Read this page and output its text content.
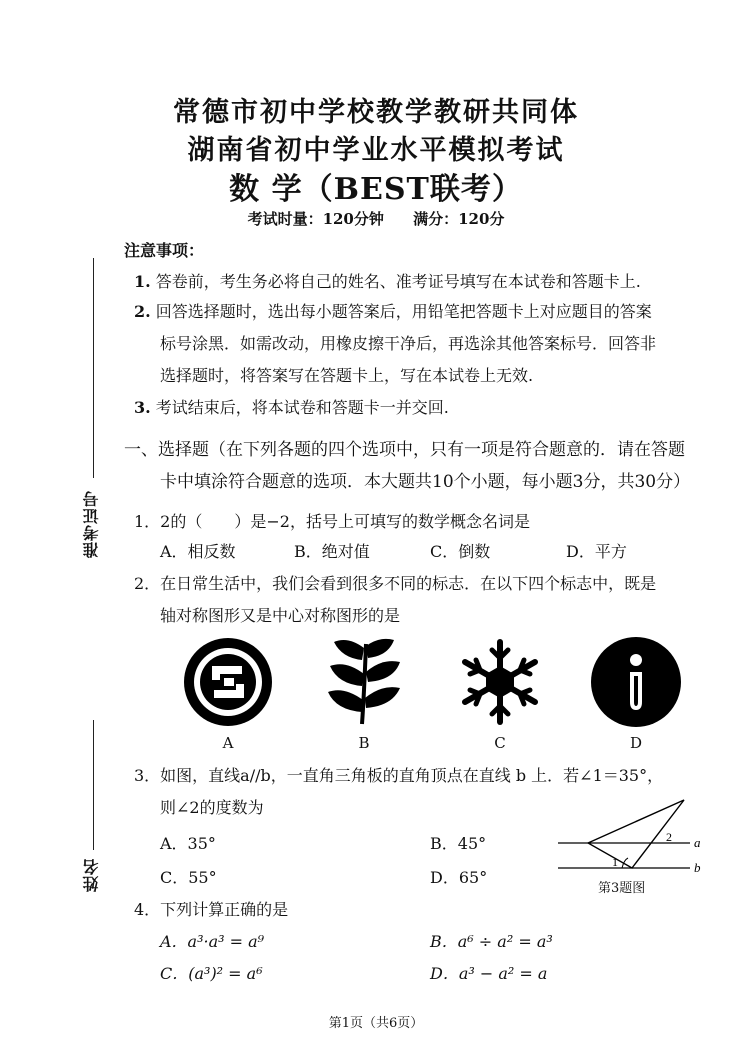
常德市初中学校教学教研共同体
湖南省初中学业水平模拟考试
数 学（BEST联考）
考试时量：120分钟 满分：120分
准考证号
姓名
注意事项：
1. 答卷前，考生务必将自己的姓名、准考证号填写在本试卷和答题卡上.
2. 回答选择题时，选出每小题答案后，用铅笔把答题卡上对应题目的答案
标号涂黑．如需改动，用橡皮擦干净后，再选涂其他答案标号．回答非
选择题时，将答案写在答题卡上，写在本试卷上无效.
3. 考试结束后，将本试卷和答题卡一并交回.
一、选择题（在下列各题的四个选项中，只有一项是符合题意的．请在答题
卡中填涂符合题意的选项．本大题共10个小题，每小题3分，共30分）
1．2的（　　）是−2，括号上可填写的数学概念名词是
A．相反数	B．绝对值	C．倒数	D．平方
2．在日常生活中，我们会看到很多不同的标志．在以下四个标志中，既是
轴对称图形又是中心对称图形的是
A	B	C	D
3．如图，直线a//b，一直角三角板的直角顶点在直线 b 上．若∠1＝35°，
则∠2的度数为
A．35°	B．45°
C．55°	D．65°
a
b
1
2
第3题图
4．下列计算正确的是
A．a³·a³ = a⁹	B．a⁶ ÷ a² = a³
C．(a³)² = a⁶	D．a³ − a² = a
第1页（共6页）
